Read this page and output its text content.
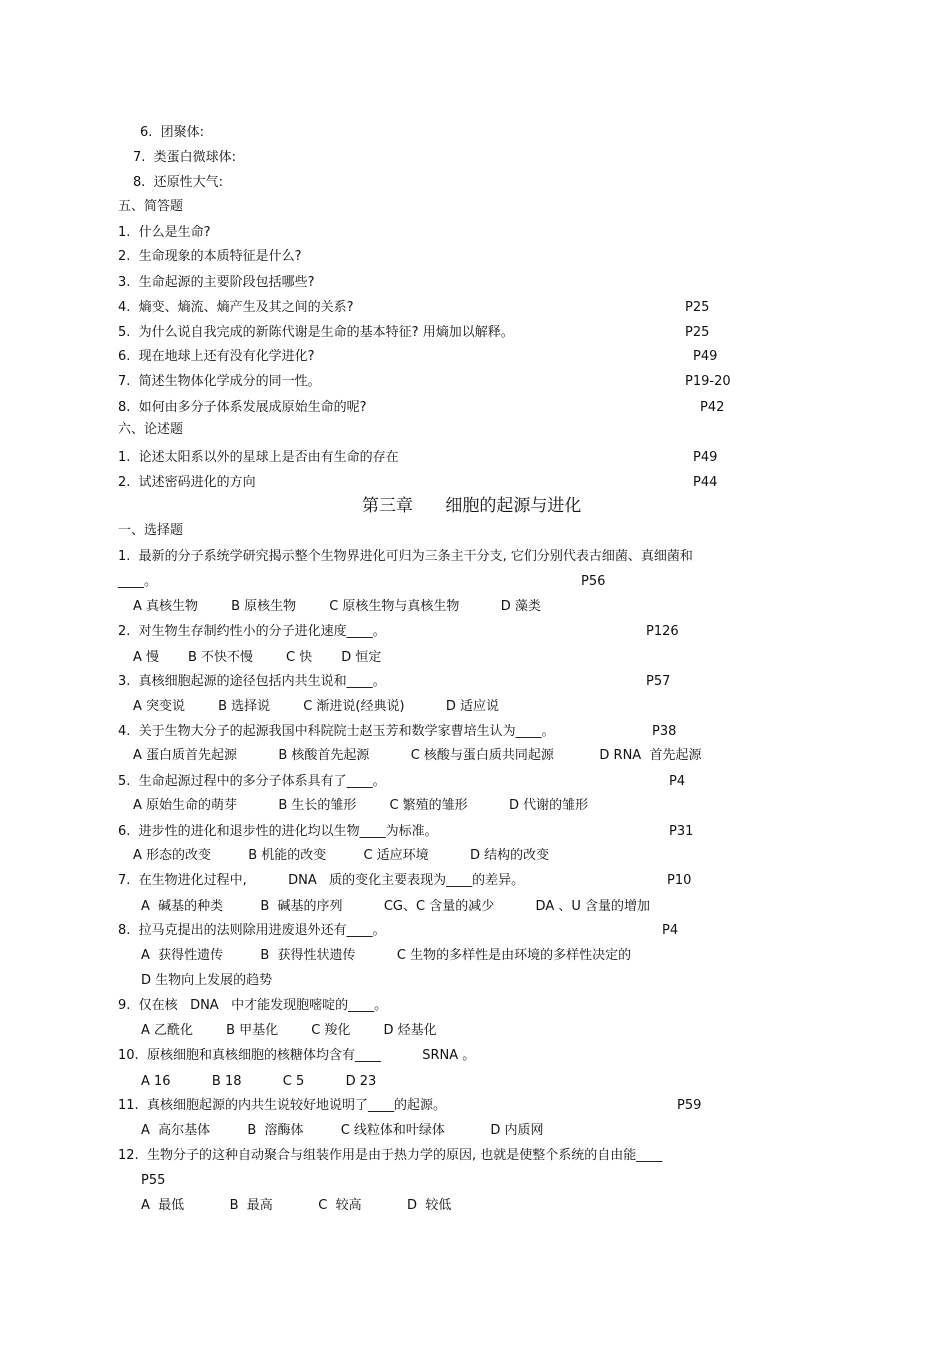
6.  团聚体:
7.  类蛋白微球体:
8.  还原性大气:
五、简答题
1.  什么是生命?
2.  生命现象的本质特征是什么?
3.  生命起源的主要阶段包括哪些?
4.  熵变、熵流、熵产生及其之间的关系?	P25
5.  为什么说自我完成的新陈代谢是生命的基本特征? 用熵加以解释。	P25
6.  现在地球上还有没有化学进化?	P49
7.  简述生物体化学成分的同一性。	P19-20
8.  如何由多分子体系发展成原始生命的呢?	P42
六、论述题
1.  论述太阳系以外的星球上是否由有生命的存在	P49
2.  试述密码进化的方向	P44
第三章      细胞的起源与进化
一、选择题
1.  最新的分子系统学研究揭示整个生物界进化可归为三条主干分支, 它们分别代表古细菌、真细菌和
____。	P56
A 真核生物        B 原核生物        C 原核生物与真核生物          D 藻类
2.  对生物生存制约性小的分子进化速度____。	P126
A 慢       B 不快不慢        C 快       D 恒定
3.  真核细胞起源的途径包括内共生说和____。	P57
A 突变说        B 选择说        C 渐进说(经典说)          D 适应说
4.  关于生物大分子的起源我国中科院院士赵玉芳和数学家曹培生认为____。	P38
A 蛋白质首先起源          B 核酸首先起源          C 核酸与蛋白质共同起源           D RNA  首先起源
5.  生命起源过程中的多分子体系具有了____。	P4
A 原始生命的萌芽          B 生长的雏形        C 繁殖的雏形          D 代谢的雏形
6.  进步性的进化和退步性的进化均以生物____为标准。	P31
A 形态的改变         B 机能的改变         C 适应环境          D 结构的改变
7.  在生物进化过程中,          DNA   质的变化主要表现为____的差异。	P10
A  碱基的种类         B  碱基的序列          CG、C 含量的减少          DA 、U 含量的增加
8.  拉马克提出的法则除用进废退外还有____。	P4
A  获得性遗传         B  获得性状遗传          C 生物的多样性是由环境的多样性决定的
D 生物向上发展的趋势
9.  仅在核   DNA   中才能发现胞嘧啶的____。
A 乙酰化        B 甲基化        C 羧化        D 烃基化
10.  原核细胞和真核细胞的核糖体均含有____          SRNA 。
A 16          B 18          C 5          D 23
11.  真核细胞起源的内共生说较好地说明了____的起源。	P59
A  高尔基体         B  溶酶体         C 线粒体和叶绿体           D 内质网
12.  生物分子的这种自动聚合与组装作用是由于热力学的原因, 也就是使整个系统的自由能____
P55
A  最低           B  最高           C  较高           D  较低
